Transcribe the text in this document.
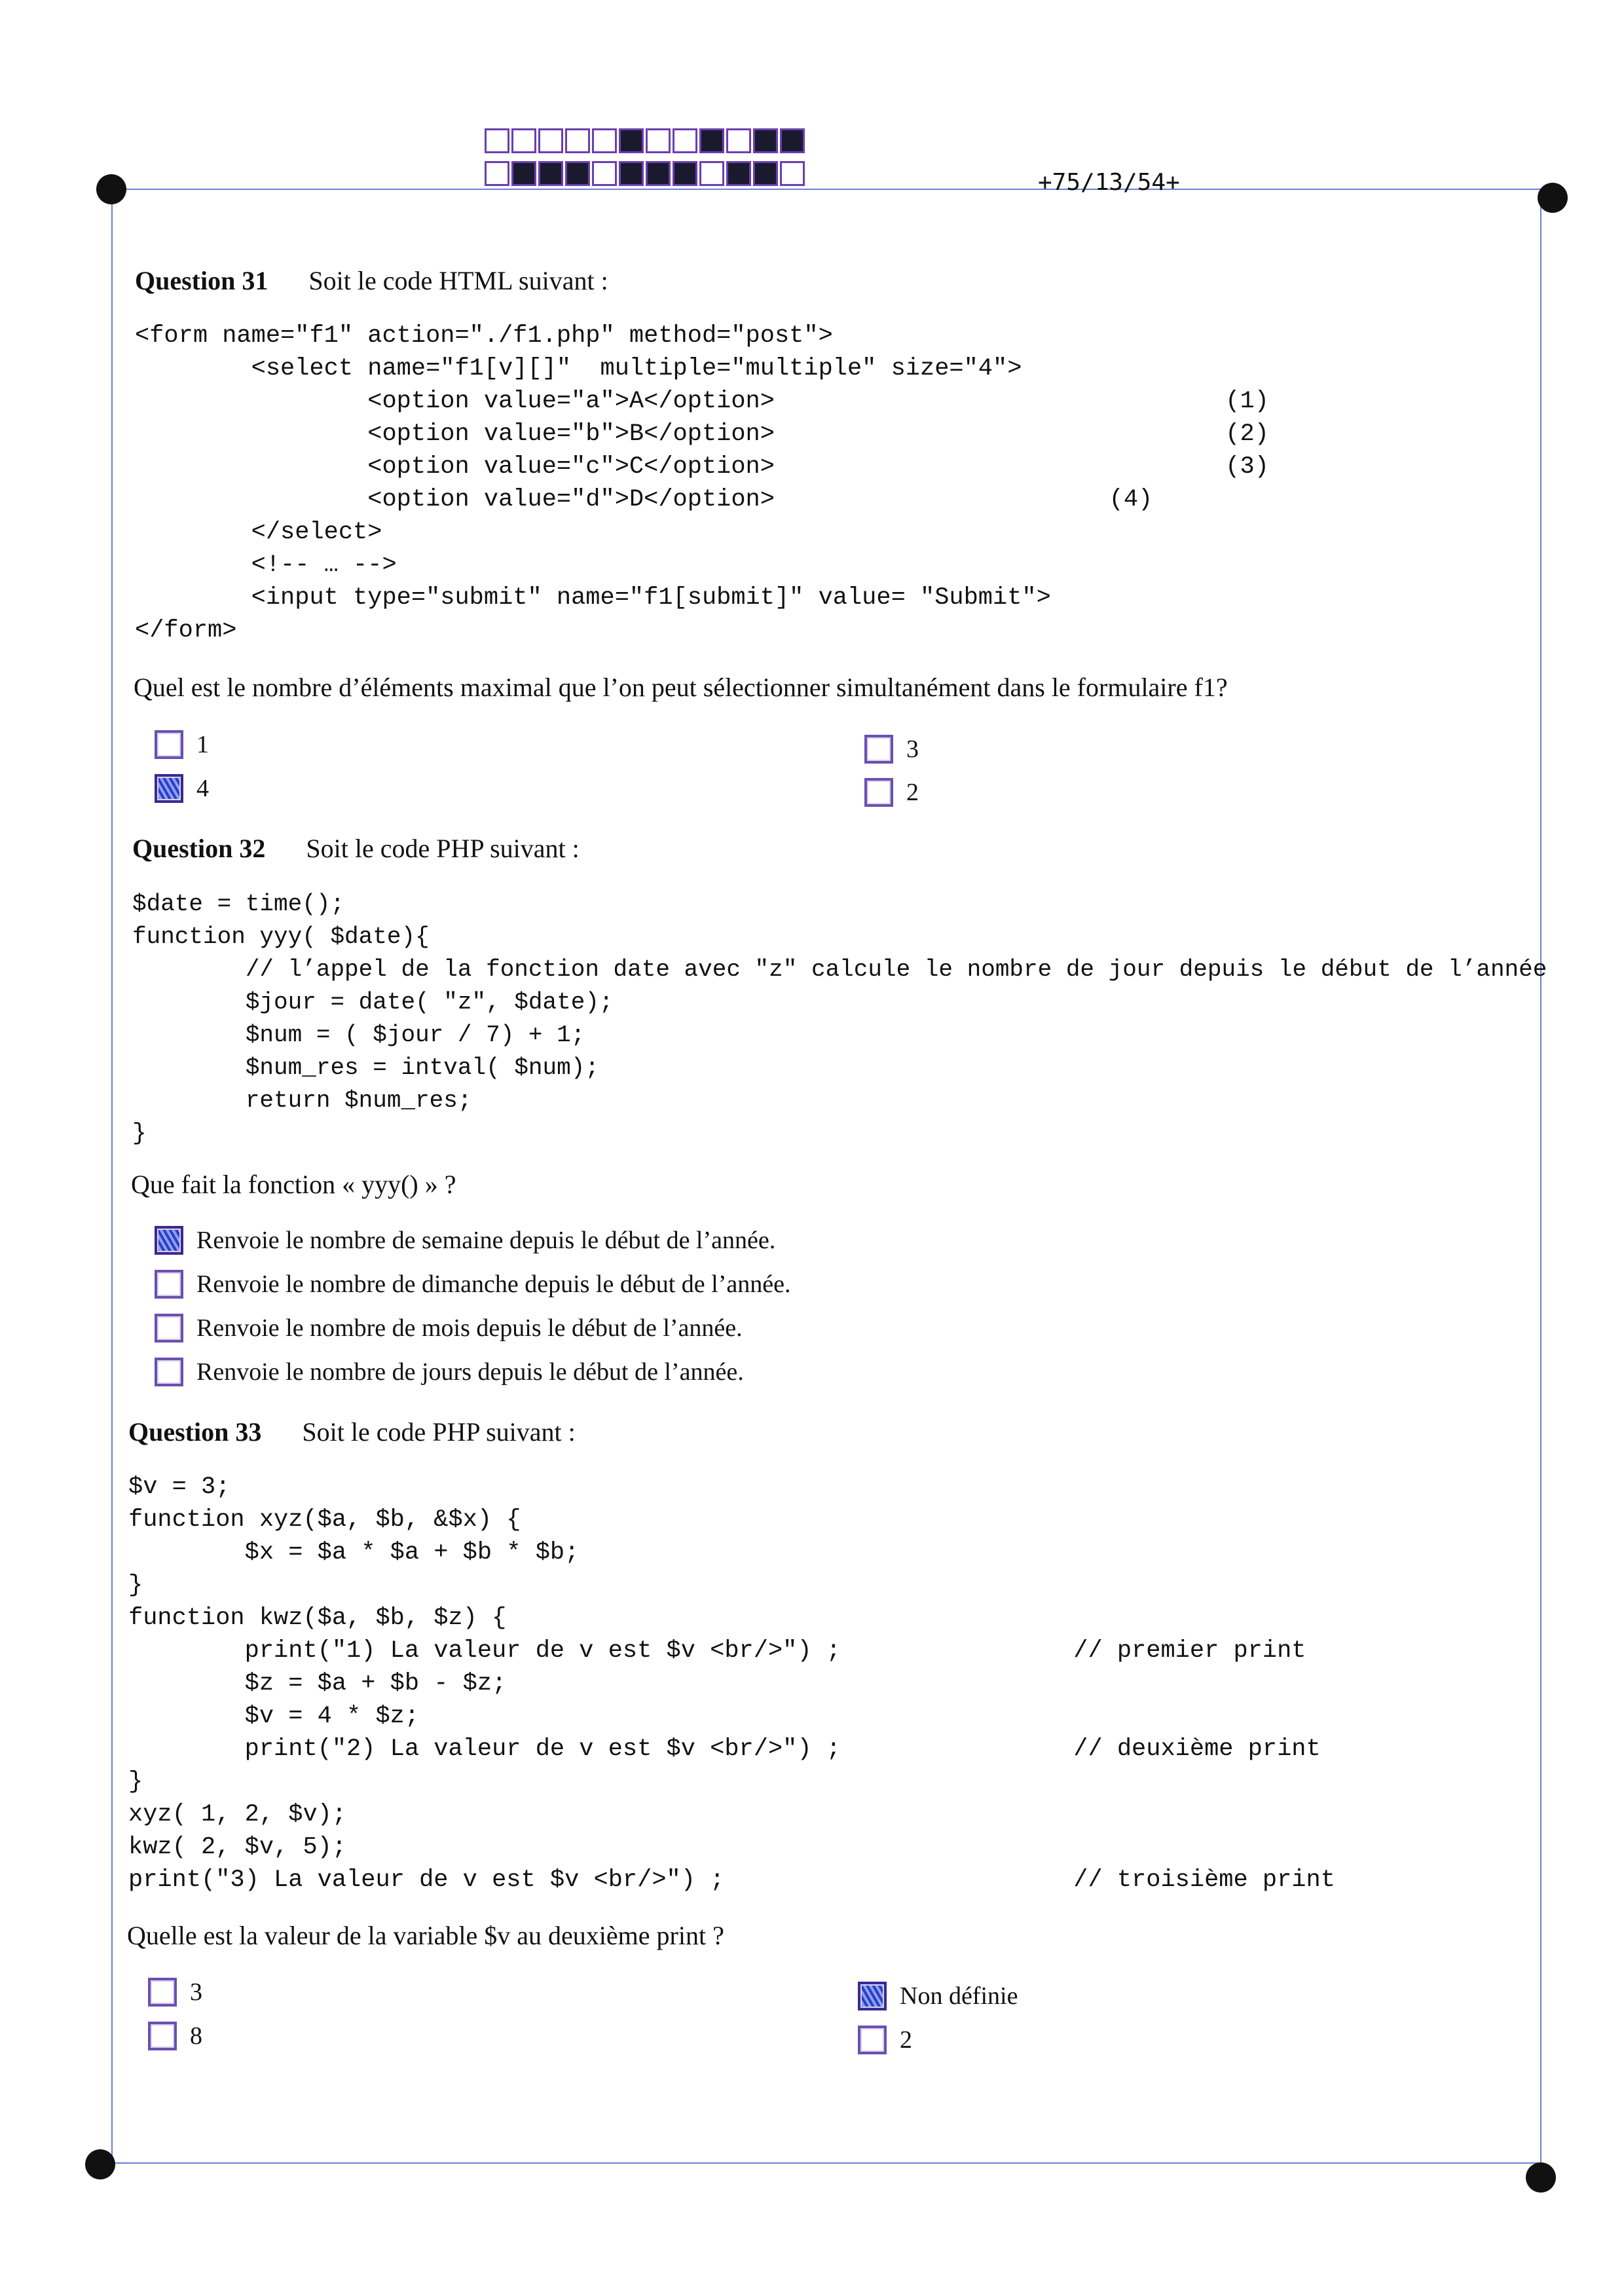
+75/13/54+
Question 31 Soit le code HTML suivant :
<form name="f1" action="./f1.php" method="post">
<select name="f1[v][]"  multiple="multiple" size="4">
<option value="a">A</option>                               (1)
<option value="b">B</option>                               (2)
<option value="c">C</option>                               (3)
<option value="d">D</option>                       (4)
</select>
<!-- … -->
<input type="submit" name="f1[submit]" value= "Submit">
</form>
Quel est le nombre d’éléments maximal que l’on peut sélectionner simultanément dans le formulaire f1?
1
4
3
2
Question 32 Soit le code PHP suivant :
$date = time();
function yyy( $date){
// l’appel de la fonction date avec "z" calcule le nombre de jour depuis le début de l’année
$jour = date( "z", $date);
$num = ( $jour / 7) + 1;
$num_res = intval( $num);
return $num_res;
}
Que fait la fonction « yyy() » ?
Renvoie le nombre de semaine depuis le début de l’année.
Renvoie le nombre de dimanche depuis le début de l’année.
Renvoie le nombre de mois depuis le début de l’année.
Renvoie le nombre de jours depuis le début de l’année.
Question 33 Soit le code PHP suivant :
$v = 3;
function xyz($a, $b, &$x) {
$x = $a * $a + $b * $b;
}
function kwz($a, $b, $z) {
print("1) La valeur de v est $v <br/>") ;                // premier print
$z = $a + $b - $z;
$v = 4 * $z;
print("2) La valeur de v est $v <br/>") ;                // deuxième print
}
xyz( 1, 2, $v);
kwz( 2, $v, 5);
print("3) La valeur de v est $v <br/>") ;                        // troisième print
Quelle est la valeur de la variable $v au deuxième print ?
3
8
Non définie
2
